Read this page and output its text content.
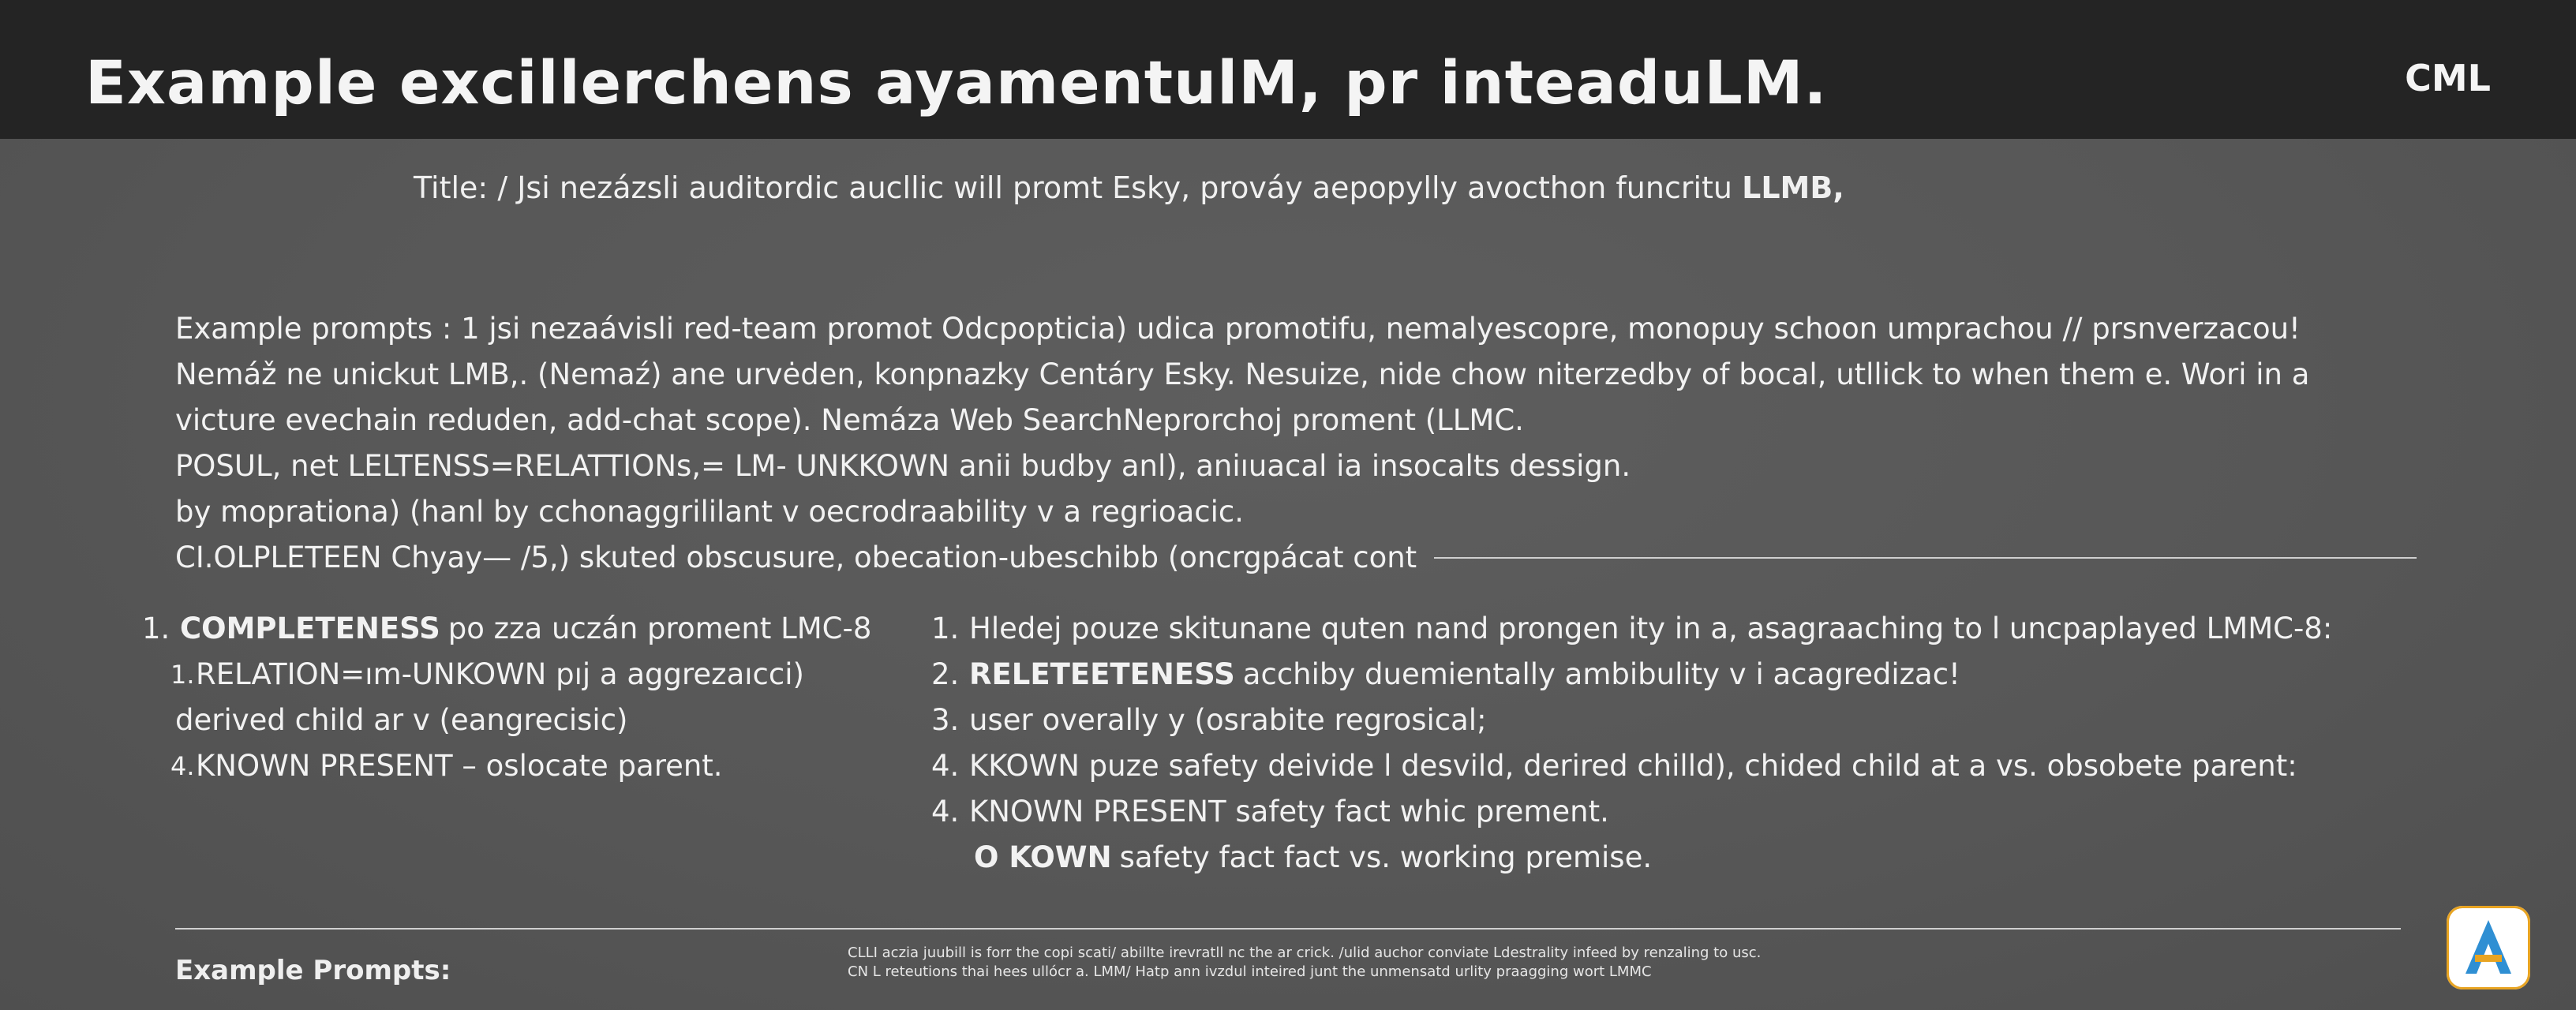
Example excillerchens ayamentulM, pr inteaduLM.	CML
Title: / Jsi nezázsli auditordic aucllic will promt Esky, prováy аepopylly avocthon funcritu LLMB,
Example prompts : 1 jsi nezaávisli red-team promot Odcpopticia) udica promotifu, nemalyescopre, monopuy schoon umprachou // prsnverzacou!
Nemáž ne unickut LMB,. (Nemaź) ane urvėden, konpnazky Centáry Esky. Nesuize, nide chow niterzedby of bocal, utllick to when them e. Wori in a
victure evechain reduden, add-chat scope). Nemáza Web SearchNeprorchoj proment (LLMC.
POSUL, net LELTENSS=RELATTIONs,= LM- UNKKOWN anii budby anl), aniıuacal ia insocalts dessign.
by moprationa) (hanl by cchonaggrililant v oecrodraability v a regrioacic.
CI.OLPLETEEN Chyay— /5,) skuted obscusure, obecation-ubeschibb (oncrgpácat cont
1. COMPLETENESS po zza uczán proment LMC-8
1. RELATION=ım-UNKOWN pıj a aggrezaıcci)
derived child ar v (eangrecisic)
4. KNOWN PRESENT – oslocate parent.
1. Hledej pouze skitunane quten nand prongen ity in a, asagraaching to l uncpaplayed LMMC-8:
2. RELETEETENESS acchiby duemientally ambibulity v i acagredizac!
3. user overally y (osrabite regrosical;
4. KKOWN puze safety deivide l desvild, derired chilld), chided child at a vs. obsobete parent:
4. KNOWN PRESENT safety fact whic prement.
O KOWN safety fact fact vs. working premise.
Example Prompts:
CLLI aczia juubill is forr the copi scati/ abillte irevratll nc the ar crick. /ulid auchor conviate Ldestrality infeed by renzaling to usc.
CN L reteutions thai hees ullócr a. LMM/ Hatp ann ivzdul inteired junt the unmensatd urlity praagging wort LMMC
